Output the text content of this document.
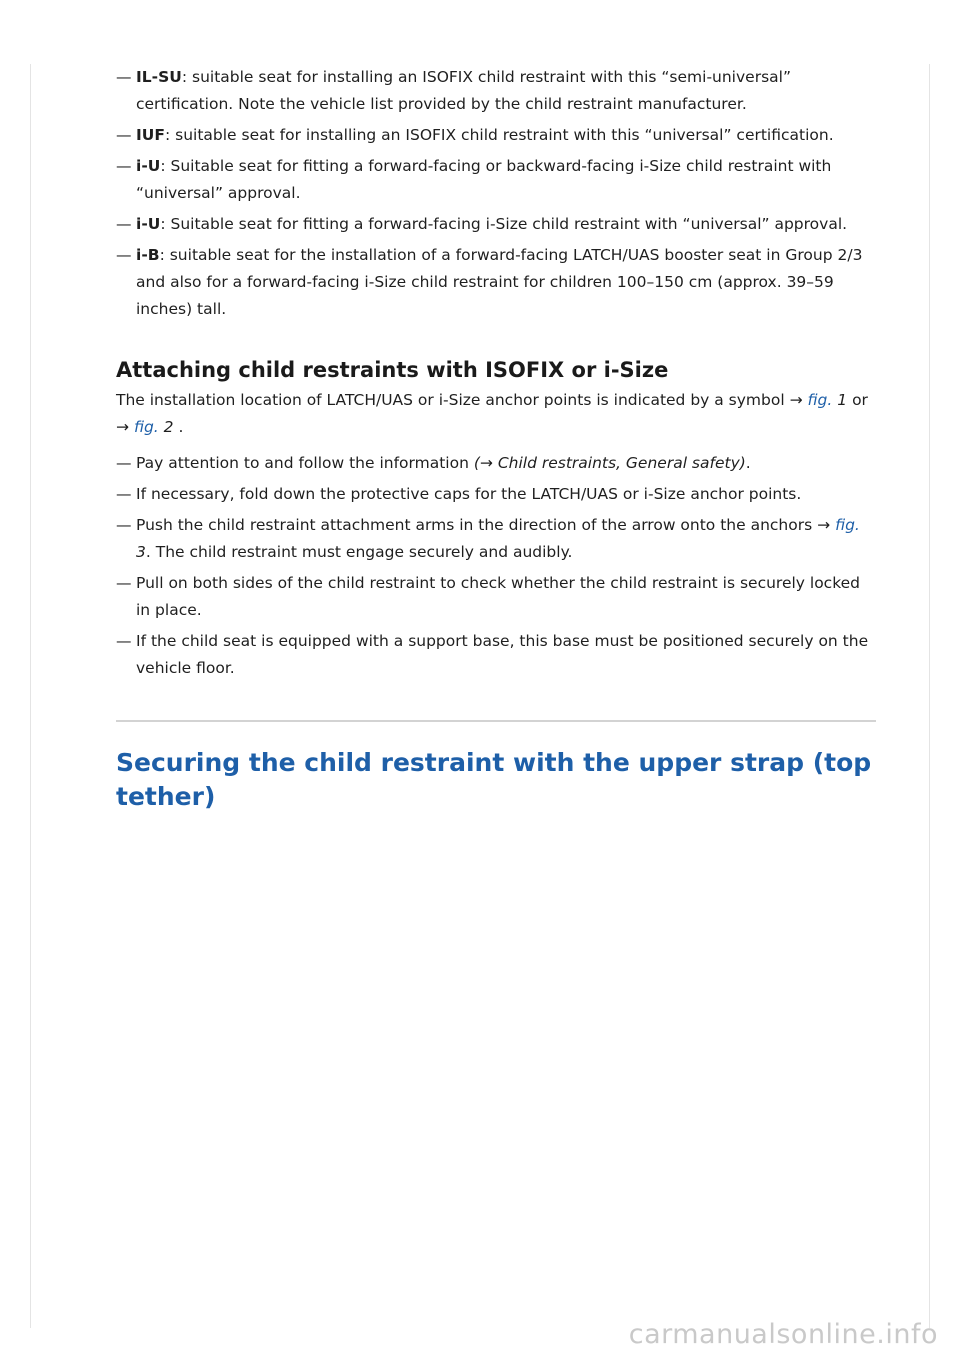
— IL-SU: suitable seat for installing an ISOFIX child restraint with this “semi-universal” certification. Note the vehicle list provided by the child restraint manufacturer.
— IUF: suitable seat for installing an ISOFIX child restraint with this “universal” certification.
— i-U: Suitable seat for fitting a forward-facing or backward-facing i-Size child restraint with “universal” approval.
— i-U: Suitable seat for fitting a forward-facing i-Size child restraint with “universal” approval.
— i-B: suitable seat for the installation of a forward-facing LATCH/UAS booster seat in Group 2/3 and also for a forward-facing i-Size child restraint for children 100–150 cm (approx. 39–59 inches) tall.
Attaching child restraints with ISOFIX or i-Size

The installation location of LATCH/UAS or i-Size anchor points is indicated by a symbol → fig. 1 or → fig. 2 .

— Pay attention to and follow the information (→ Child restraints, General safety).
— If necessary, fold down the protective caps for the LATCH/UAS or i-Size anchor points.
— Push the child restraint attachment arms in the direction of the arrow onto the anchors → fig. 3. The child restraint must engage securely and audibly.
— Pull on both sides of the child restraint to check whether the child restraint is securely locked in place.
— If the child seat is equipped with a support base, this base must be positioned securely on the vehicle floor.
Securing the child restraint with the upper strap (top tether)
carmanualsonline.info
